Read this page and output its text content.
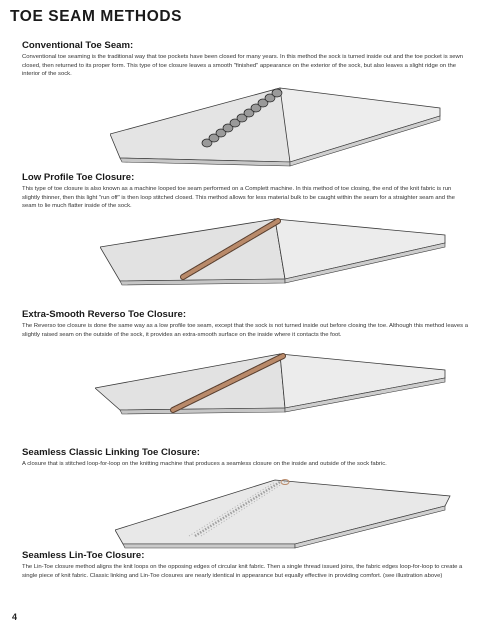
TOE SEAM METHODS
Conventional Toe Seam:
Conventional toe seaming is the traditional way that toe pockets have been closed for many years. In this method the sock is turned inside out and the toe pocket is sewn closed, then returned to its proper form. This type of toe closure leaves a smooth "finished" appearance on the exterior of the sock, but also leaves a slight ridge on the interior of the sock.
Low Profile Toe Closure:
This type of toe closure is also known as a machine looped toe seam performed on a Complett machine. In this method of toe closing, the end of the knit fabric is run slightly thinner, then this light "run off" is then loop stitched closed. This method allows for less material bulk to be caught within the seam for a straighter seam and the seam to lie much flatter inside of the sock.
Extra-Smooth Reverso Toe Closure:
The Reverso toe closure is done the same way as a low profile toe seam, except that the sock is not turned inside out before closing the toe. Although this method leaves a slightly raised seam on the outside of the sock, it provides an extra-smooth surface on the inside where it contacts the foot.
Seamless Classic Linking Toe Closure:
A closure that is stitched loop-for-loop on the knitting machine that produces a seamless closure on the inside and outside of the sock fabric.
Seamless Lin-Toe Closure:
The Lin-Toe closure method aligns the knit loops on the opposing edges of circular knit fabric. Then a single thread issued joins, the fabric edges loop-for-loop to create a single piece of knit fabric. Classic linking and Lin-Toe closures are nearly identical in appearance but equally effective in providing comfort. (see illustration above)
4
